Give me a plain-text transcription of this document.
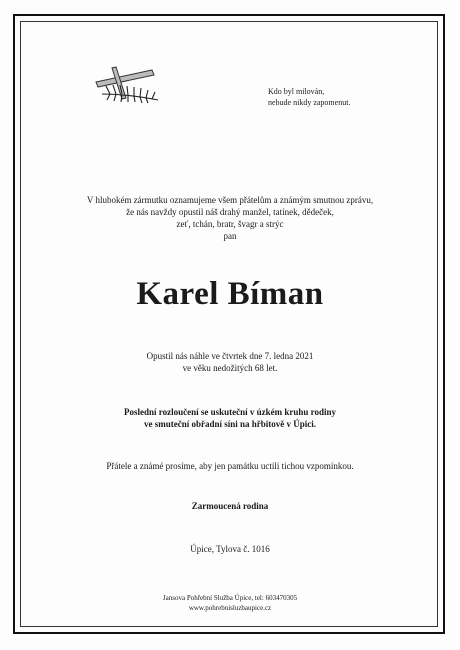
Kdo byl milován,
nebude nikdy zapomenut.
V hlubokém zármutku oznamujeme všem přátelům a známým smutnou zprávu,
že nás navždy opustil náš drahý manžel, tatínek, dědeček,
zeť, tchán, bratr, švagr a strýc
pan
Karel Bíman
Opustil nás náhle ve čtvrtek dne 7. ledna 2021
ve věku nedožitých 68 let.
Poslední rozloučení se uskuteční v úzkém kruhu rodiny
ve smuteční obřadní síni na hřbitově v Úpici.
Přátele a známé prosíme, aby jen památku uctili tichou vzpomínkou.
Zarmoucená rodina
Úpice, Tylova č. 1016
Jansova Pohřební Služba Úpice, tel: 603470305
www.pohrebnisluzbaupice.cz
